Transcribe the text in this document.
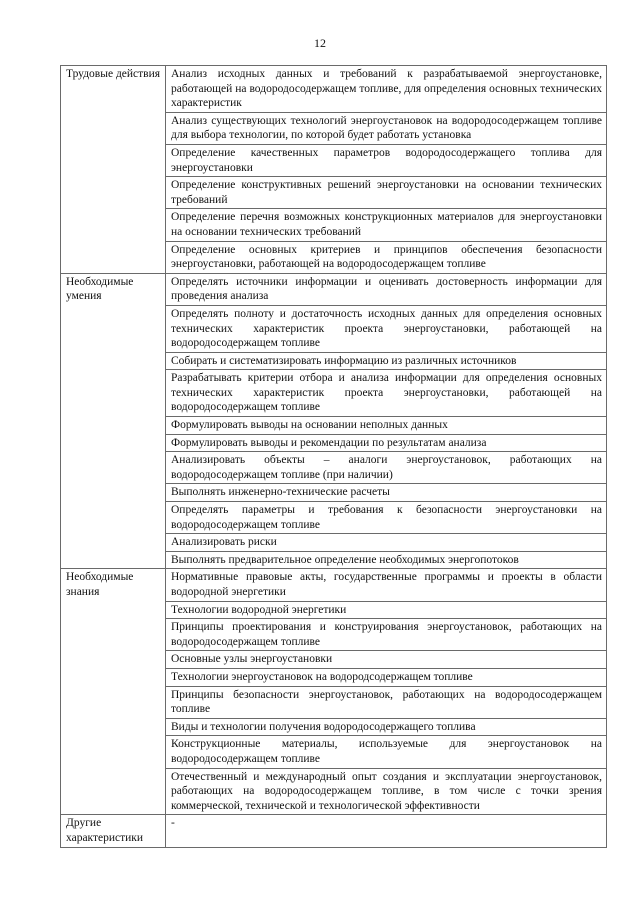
12
Трудовые действия	Анализ исходных данных и требований к разрабатываемой энергоустановке, работающей на водородосодержащем топливе, для определения основных технических характеристик
	Анализ существующих технологий энергоустановок на водородосодержащем топливе для выбора технологии, по которой будет работать установка
	Определение качественных параметров водородосодержащего топлива для энергоустановки
	Определение конструктивных решений энергоустановки на основании технических требований
	Определение перечня возможных конструкционных материалов для энергоустановки на основании технических требований
	Определение основных критериев и принципов обеспечения безопасности энергоустановки, работающей на водородосодержащем топливе
Необходимые умения	Определять источники информации и оценивать достоверность информации для проведения анализа
	Определять полноту и достаточность исходных данных для определения основных технических характеристик проекта энергоустановки, работающей на водородосодержащем топливе
	Собирать и систематизировать информацию из различных источников
	Разрабатывать критерии отбора и анализа информации для определения основных технических характеристик проекта энергоустановки, работающей на водородосодержащем топливе
	Формулировать выводы на основании неполных данных
	Формулировать выводы и рекомендации по результатам анализа
	Анализировать объекты – аналоги энергоустановок, работающих на водородосодержащем топливе (при наличии)
	Выполнять инженерно-технические расчеты
	Определять параметры и требования к безопасности энергоустановки на водородосодержащем топливе
	Анализировать риски
	Выполнять предварительное определение необходимых энергопотоков
Необходимые знания	Нормативные правовые акты, государственные программы и проекты в области водородной энергетики
	Технологии водородной энергетики
	Принципы проектирования и конструирования энергоустановок, работающих на водородосодержащем топливе
	Основные узлы энергоустановки
	Технологии энергоустановок на водородсодержащем топливе
	Принципы безопасности энергоустановок, работающих на водородосодержащем топливе
	Виды и технологии получения водородосодержащего топлива
	Конструкционные материалы, используемые для энергоустановок на водородосодержащем топливе
	Отечественный и международный опыт создания и эксплуатации энергоустановок, работающих на водородосодержащем топливе, в том числе с точки зрения коммерческой, технической и технологической эффективности
Другие характеристики	-
